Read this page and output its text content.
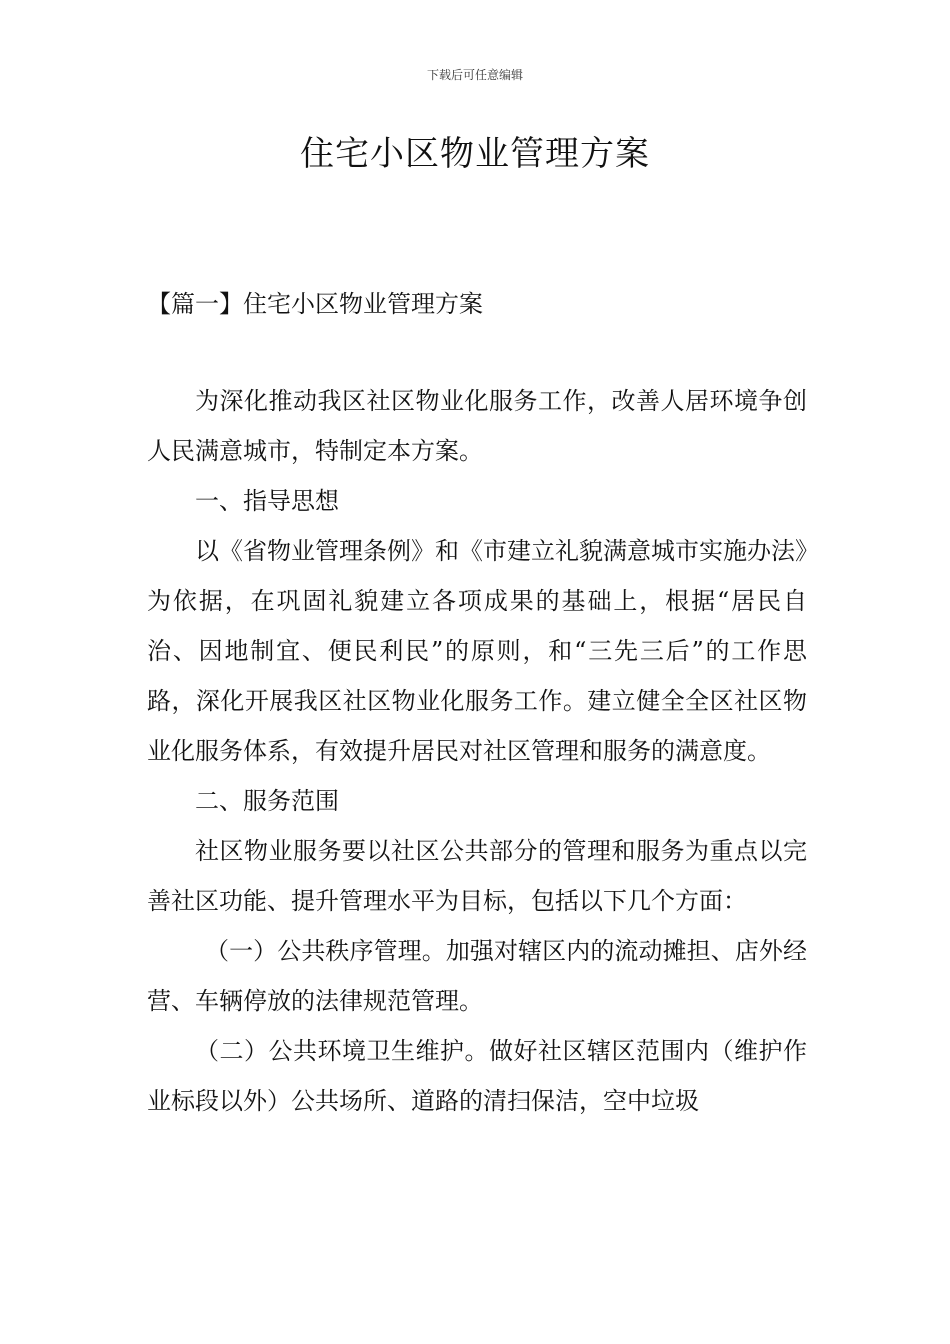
下载后可任意编辑
住宅小区物业管理方案

【篇一】住宅小区物业管理方案

为深化推动我区社区物业化服务工作，改善人居环境争创人民满意城市，特制定本方案。

一、指导思想

以《省物业管理条例》和《市建立礼貌满意城市实施办法》为依据，在巩固礼貌建立各项成果的基础上，根据“居民自治、因地制宜、便民利民”的原则，和“三先三后”的工作思路，深化开展我区社区物业化服务工作。建立健全全区社区物业化服务体系，有效提升居民对社区管理和服务的满意度。

二、服务范围

社区物业服务要以社区公共部分的管理和服务为重点以完善社区功能、提升管理水平为目标，包括以下几个方面：

（一）公共秩序管理。加强对辖区内的流动摊担、店外经营、车辆停放的法律规范管理。

（二）公共环境卫生维护。做好社区辖区范围内（维护作业标段以外）公共场所、道路的清扫保洁，空中垃圾
